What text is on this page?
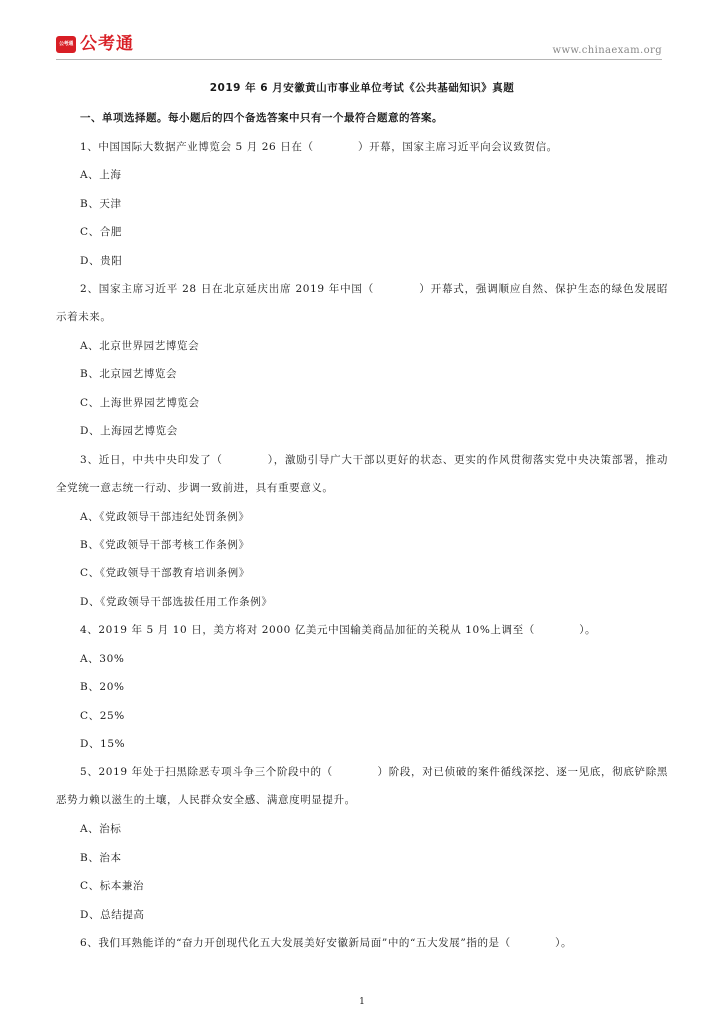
公考通 公考通	www.chinaexam.org
2019 年 6 月安徽黄山市事业单位考试《公共基础知识》真题
一、单项选择题。每小题后的四个备选答案中只有一个最符合题意的答案。
1、中国国际大数据产业博览会 5 月 26 日在（　　　　）开幕，国家主席习近平向会议致贺信。
A、上海
B、天津
C、合肥
D、贵阳
2、国家主席习近平 28 日在北京延庆出席 2019 年中国（　　　　）开幕式，强调顺应自然、保护生态的绿色发展昭示着未来。
A、北京世界园艺博览会
B、北京园艺博览会
C、上海世界园艺博览会
D、上海园艺博览会
3、近日，中共中央印发了（　　　　），激励引导广大干部以更好的状态、更实的作风贯彻落实党中央决策部署，推动全党统一意志统一行动、步调一致前进，具有重要意义。
A、《党政领导干部违纪处罚条例》
B、《党政领导干部考核工作条例》
C、《党政领导干部教育培训条例》
D、《党政领导干部选拔任用工作条例》
4、2019 年 5 月 10 日，美方将对 2000 亿美元中国输美商品加征的关税从 10%上调至（　　　　）。
A、30%
B、20%
C、25%
D、15%
5、2019 年处于扫黑除恶专项斗争三个阶段中的（　　　　）阶段，对已侦破的案件循线深挖、逐一见底，彻底铲除黑恶势力赖以滋生的土壤，人民群众安全感、满意度明显提升。
A、治标
B、治本
C、标本兼治
D、总结提高
6、我们耳熟能详的“奋力开创现代化五大发展美好安徽新局面”中的“五大发展”指的是（　　　　）。
1
